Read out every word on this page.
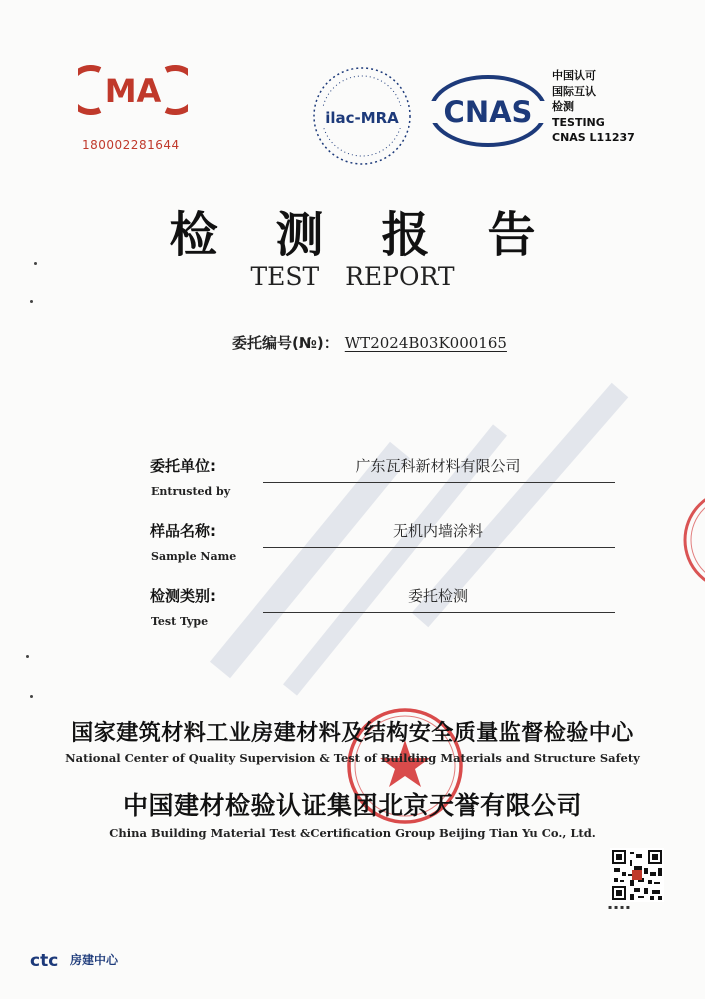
MA
180002281644
ilac-MRA CNAS
中国认可
国际互认
检测
TESTING
CNAS L11237
检测报告
TEST REPORT
委托编号(№)： WT2024B03K000165
委托单位:
Entrusted by
广东瓦科新材料有限公司
样品名称:
Sample Name
无机内墙涂料
检测类别:
Test Type
委托检测
国家建筑材料工业房建材料及结构安全质量监督检验中心
National Center of Quality Supervision & Test of Building Materials and Structure Safety
中国建材检验认证集团北京天誉有限公司
China Building Material Test &Certification Group Beijing Tian Yu Co., Ltd.
▪ ▪ ▪ ▪
ctc 房建中心
